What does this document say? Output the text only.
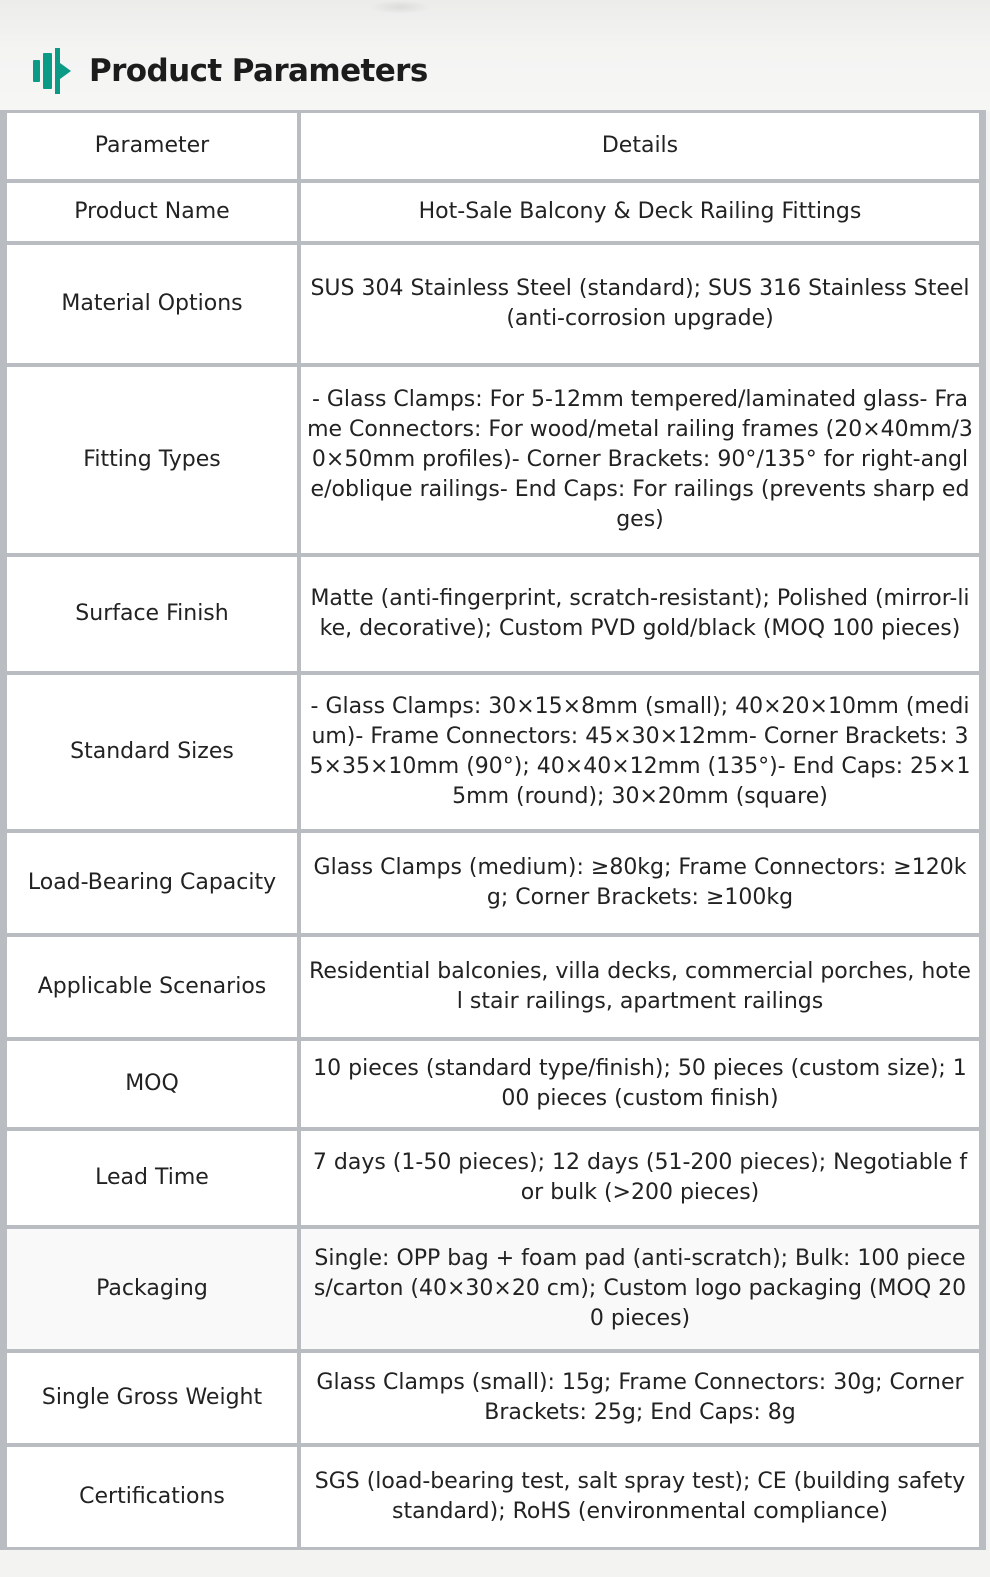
Product Parameters
Parameter	Details
Product Name	Hot-Sale Balcony & Deck Railing Fittings
Material Options	SUS 304 Stainless Steel (standard); SUS 316 Stainless Steel (anti-corrosion upgrade)
Fitting Types	- Glass Clamps: For 5-12mm tempered/laminated glass- Frame Connectors: For wood/metal railing frames (20×40mm/30×50mm profiles)- Corner Brackets: 90°/135° for right-angle/oblique railings- End Caps: For railings (prevents sharp edges)
Surface Finish	Matte (anti-fingerprint, scratch-resistant); Polished (mirror-like, decorative); Custom PVD gold/black (MOQ 100 pieces)
Standard Sizes	- Glass Clamps: 30×15×8mm (small); 40×20×10mm (medium)- Frame Connectors: 45×30×12mm- Corner Brackets: 35×35×10mm (90°); 40×40×12mm (135°)- End Caps: 25×15mm (round); 30×20mm (square)
Load-Bearing Capacity	Glass Clamps (medium): ≥80kg; Frame Connectors: ≥120kg; Corner Brackets: ≥100kg
Applicable Scenarios	Residential balconies, villa decks, commercial porches, hotel stair railings, apartment railings
MOQ	10 pieces (standard type/finish); 50 pieces (custom size); 100 pieces (custom finish)
Lead Time	7 days (1-50 pieces); 12 days (51-200 pieces); Negotiable for bulk (>200 pieces)
Packaging	Single: OPP bag + foam pad (anti-scratch); Bulk: 100 pieces/carton (40×30×20 cm); Custom logo packaging (MOQ 200 pieces)
Single Gross Weight	Glass Clamps (small): 15g; Frame Connectors: 30g; Corner Brackets: 25g; End Caps: 8g
Certifications	SGS (load-bearing test, salt spray test); CE (building safety standard); RoHS (environmental compliance)
